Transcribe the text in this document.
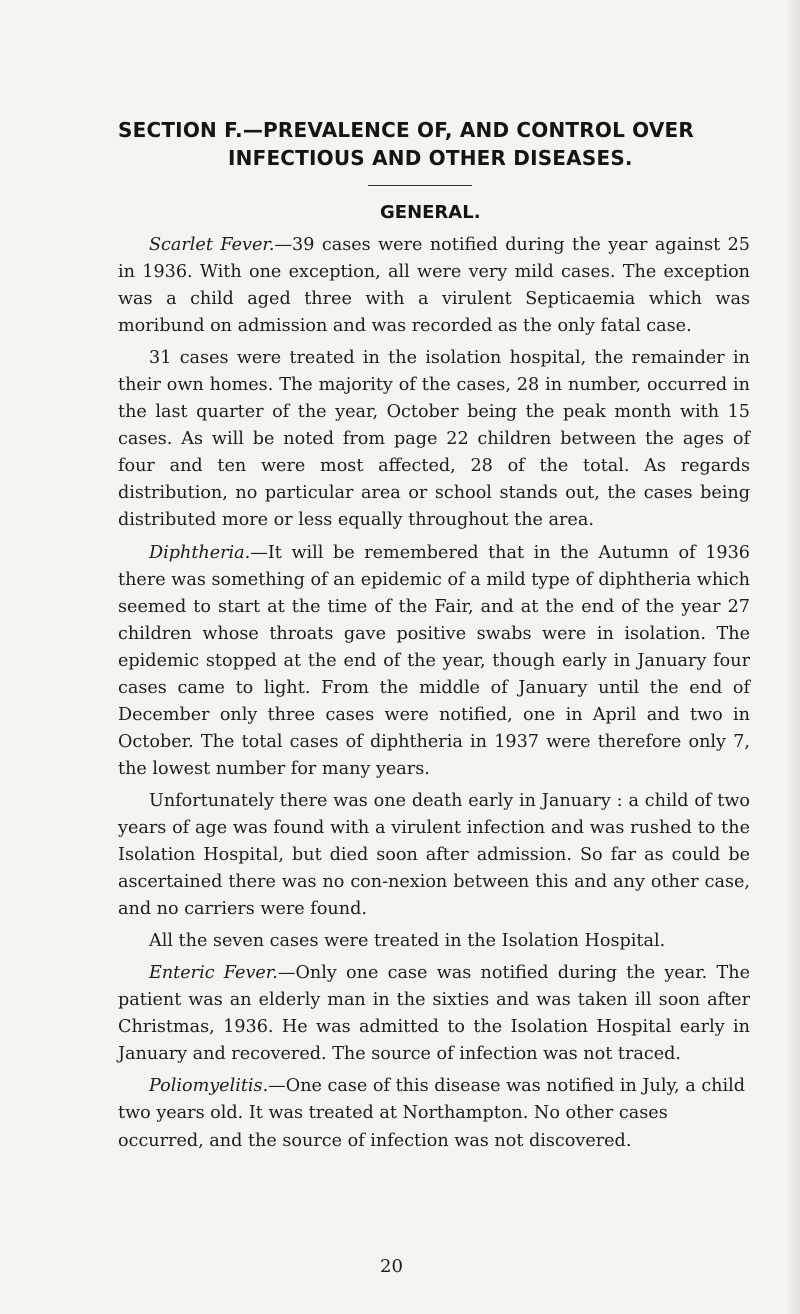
SECTION F.—PREVALENCE OF, AND CONTROL OVER
INFECTIOUS AND OTHER DISEASES.
GENERAL.

Scarlet Fever.—39 cases were notified during the year against 25 in 1936. With one exception, all were very mild cases. The exception was a child aged three with a virulent Septicaemia which was moribund on admission and was recorded as the only fatal case.

31 cases were treated in the isolation hospital, the remainder in their own homes. The majority of the cases, 28 in number, occurred in the last quarter of the year, October being the peak month with 15 cases. As will be noted from page 22 children between the ages of four and ten were most affected, 28 of the total. As regards distribution, no particular area or school stands out, the cases being distributed more or less equally throughout the area.

Diphtheria.—It will be remembered that in the Autumn of 1936 there was something of an epidemic of a mild type of diphtheria which seemed to start at the time of the Fair, and at the end of the year 27 children whose throats gave positive swabs were in isolation. The epidemic stopped at the end of the year, though early in January four cases came to light. From the middle of January until the end of December only three cases were notified, one in April and two in October. The total cases of diphtheria in 1937 were therefore only 7, the lowest number for many years.

Unfortunately there was one death early in January : a child of two years of age was found with a virulent infection and was rushed to the Isolation Hospital, but died soon after admission. So far as could be ascertained there was no con-nexion between this and any other case, and no carriers were found.

All the seven cases were treated in the Isolation Hospital.

Enteric Fever.—Only one case was notified during the year. The patient was an elderly man in the sixties and was taken ill soon after Christmas, 1936. He was admitted to the Isolation Hospital early in January and recovered. The source of infection was not traced.

Poliomyelitis.—One case of this disease was notified in July, a child two years old. It was treated at Northampton. No other cases occurred, and the source of infection was not discovered.

20
